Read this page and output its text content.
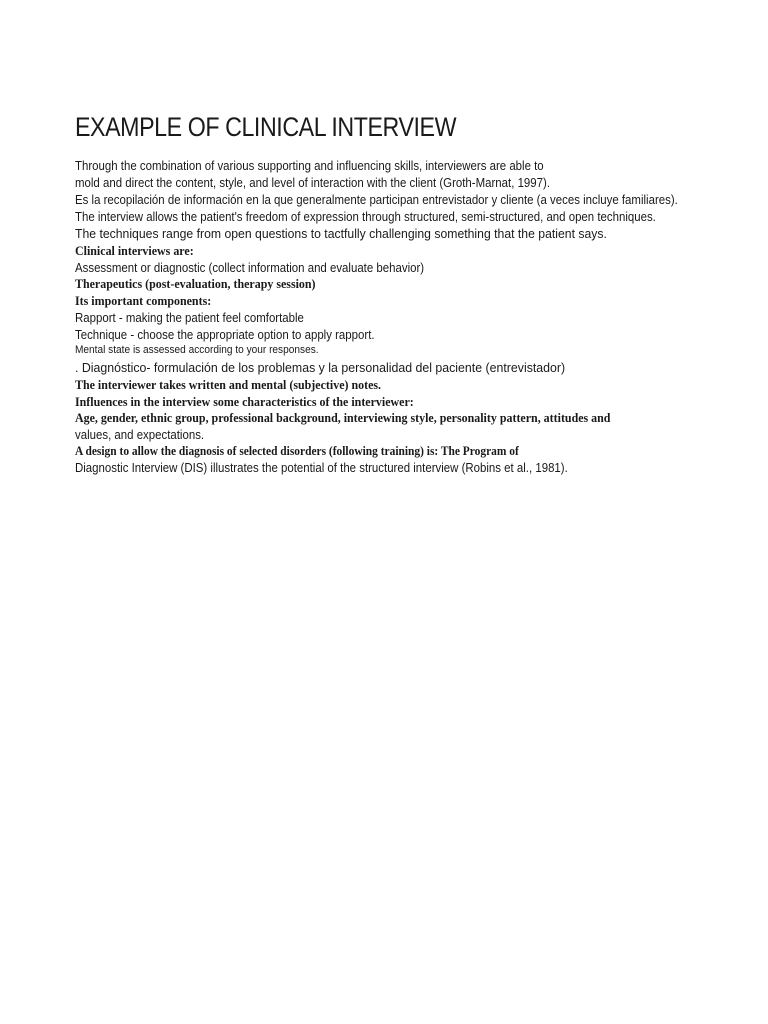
EXAMPLE OF CLINICAL INTERVIEW

Through the combination of various supporting and influencing skills, interviewers are able to

mold and direct the content, style, and level of interaction with the client (Groth-Marnat, 1997).

Es la recopilación de información en la que generalmente participan entrevistador y cliente (a veces incluye familiares).

The interview allows the patient's freedom of expression through structured, semi-structured, and open techniques.

The techniques range from open questions to tactfully challenging something that the patient says.

Clinical interviews are:

Assessment or diagnostic (collect information and evaluate behavior)

Therapeutics (post-evaluation, therapy session)

Its important components:

Rapport - making the patient feel comfortable

Technique - choose the appropriate option to apply rapport.

Mental state is assessed according to your responses.

. Diagnóstico- formulación de los problemas y la personalidad del paciente (entrevistador)

The interviewer takes written and mental (subjective) notes.

Influences in the interview some characteristics of the interviewer:

Age, gender, ethnic group, professional background, interviewing style, personality pattern, attitudes and

values, and expectations.

A design to allow the diagnosis of selected disorders (following training) is: The Program of

Diagnostic Interview (DIS) illustrates the potential of the structured interview (Robins et al., 1981).
